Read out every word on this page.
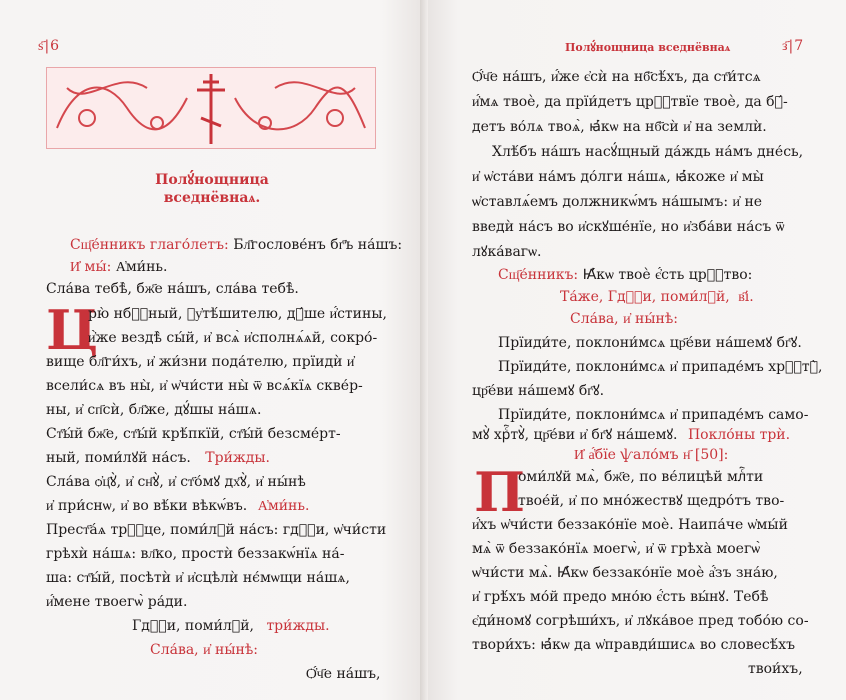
ѕ҃|6
Полꙋ́нощница
вседнёвнаѧ.
Сщ҃е́нникъ глаго́летъ: Бл҃гослове́нъ бг҃ъ на́шъ:
И҆ мы́: А҆ми́нь.
Сла́ва тебѣ̀, бж҃е на́шъ, сла́ва тебѣ̀.
Ц
рю̀ нбⷭ҇ный, ᲂу҆тѣ́шителю, дꙋ́ше и҆́стины,
и҆̀же вездѣ̀ сы́й, и҆ всѧ̀ и҆сполнѧ́ѧй, сокро́-
вище бл҃ги́хъ, и҆ жи́зни пода́телю, прїидѝ и҆
всели́сѧ въ ны̀, и҆ ѡ҆чи́сти ны̀ ѿ всѧ́кїѧ скве́р-
ны, и҆ сп҃сѝ, бл҃же, дꙋ́шы на́шѧ.
Ст҃ы́й бж҃е, ст҃ы́й крѣ́пкїй, ст҃ы́й безсме́рт-
ный, поми́лꙋй на́съ. Три́жды.
Сла́ва ѻ҆ц҃ꙋ̀, и҆ сн҃ꙋ̀, и҆ ст҃о́мꙋ дх҃ꙋ̀, и҆ ны́нѣ
и҆ при́снѡ, и҆ во вѣ́ки вѣкѡ́въ. А҆ми́нь.
Прест҃а́ѧ трⷪ҇це, поми́лꙋй на́съ: гдⷭ҇и, ѡ҆чи́сти
грѣхѝ на́шѧ: вл҃ко, простѝ беззакѡ́нїѧ на́-
ша: ст҃ы́й, посѣтѝ и҆ и҆сцѣлѝ нє́мѡщи на́шѧ,
и҆́мене твоегѡ̀ ра́ди.
Гдⷭ҇и, поми́лꙋй, три́жды.
Сла́ва, и҆ ны́нѣ:
Ѻ҆́ч҃е на́шъ,
Полꙋ́нощница вседнёвнаѧ	з҃|7
Ѻ҆́ч҃е на́шъ, и҆́же є҆сѝ на нб҃сѣ́хъ, да ст҃и́тсѧ
и҆́мѧ твоѐ, да прїи́детъ црⷭ҇твїе твоѐ, да бꙋ́-
детъ во́лѧ твоѧ̀, ꙗ҆́кѡ на нб҃сѝ и҆ на землѝ.
Хлѣ́бъ на́шъ насꙋ́щный да́ждь на́мъ дне́сь,
и҆ ѡ҆ста́ви на́мъ до́лги на́шѧ, ꙗ҆́коже и҆ мы̀
ѡ҆ставлѧ́емъ должникѡ́мъ на́шымъ: и҆ не
введѝ на́съ во и҆скꙋше́нїе, но и҆зба́ви на́съ ѿ
лꙋка́вагѡ.
Сщ҃е́нникъ: Ꙗ҆́кѡ твоѐ є҆́сть црⷭ҇тво:
Та́же, Гдⷭ҇и, поми́лꙋй, в҃і.
Сла́ва, и҆ ны́нѣ:
Прїиди́те, поклони́мсѧ цр҃е́ви на́шемꙋ бг҃ꙋ.
Прїиди́те, поклони́мсѧ и҆ припаде́мъ хрⷭ҇тꙋ̀,
цр҃е́ви на́шемꙋ бг҃ꙋ.
Прїиди́те, поклони́мсѧ и҆ припаде́мъ само-
мꙋ̀ хрⷭ҇тꙋ̀, цр҃е́ви и҆ бг҃ꙋ на́шемꙋ. Покло́ны трѝ.
И҆ а҆́бїе ѱало́мъ н҃ [50]:
П
оми́лꙋй мѧ̀, бж҃е, по ве́лицѣй млⷭ҇ти
твое́й, и҆ по мно́жествꙋ щедро́тъ тво-
и҆́хъ ѡ҆чи́сти беззако́нїе моѐ. Наипа́че ѡ҆мы́й
мѧ̀ ѿ беззако́нїѧ моегѡ̀, и҆ ѿ грѣха̀ моегѡ̀
ѡ҆чи́сти мѧ̀. Ꙗ҆́кѡ беззако́нїе моѐ а҆́зъ зна́ю,
и҆ грѣ́хъ мо́й предо мно́ю є҆́сть вы́нꙋ. Тебѣ̀
є҆ди́номꙋ согрѣши́хъ, и҆ лꙋка́вое пред тобо́ю со-
твори́хъ: ꙗ҆́кѡ да ѡ҆правди́шисѧ во словесѣ́хъ
твои́хъ,
